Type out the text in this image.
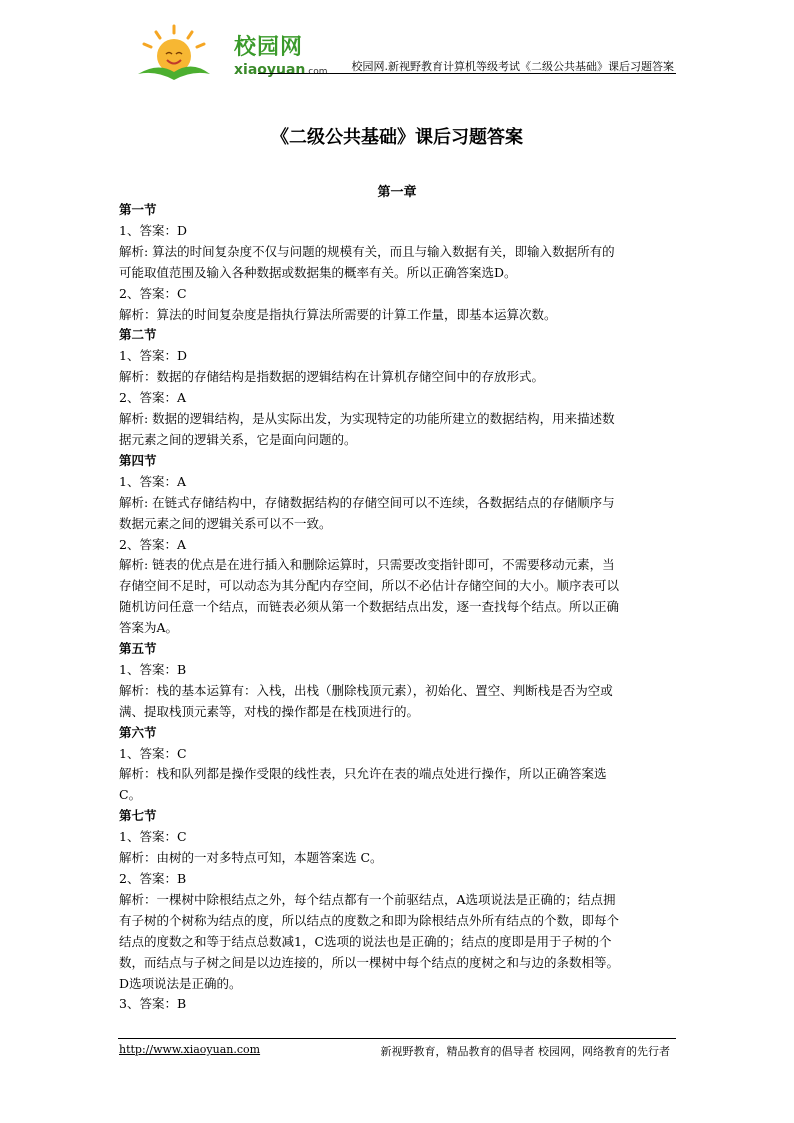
校园网
xiaoyuan.com 校园网.新视野教育计算机等级考试《二级公共基础》课后习题答案
《二级公共基础》课后习题答案
第一章

第一节

1、答案：D

解析: 算法的时间复杂度不仅与问题的规模有关，而且与输入数据有关，即输入数据所有的

可能取值范围及输入各种数据或数据集的概率有关。所以正确答案选D。

2、答案：C

解析：算法的时间复杂度是指执行算法所需要的计算工作量，即基本运算次数。

第二节

1、答案：D

解析：数据的存储结构是指数据的逻辑结构在计算机存储空间中的存放形式。

2、答案：A

解析: 数据的逻辑结构，是从实际出发，为实现特定的功能所建立的数据结构，用来描述数

据元素之间的逻辑关系，它是面向问题的。

第四节

1、答案：A

解析: 在链式存储结构中，存储数据结构的存储空间可以不连续，各数据结点的存储顺序与

数据元素之间的逻辑关系可以不一致。

2、答案：A

解析: 链表的优点是在进行插入和删除运算时，只需要改变指针即可，不需要移动元素，当

存储空间不足时，可以动态为其分配内存空间，所以不必估计存储空间的大小。顺序表可以

随机访问任意一个结点，而链表必须从第一个数据结点出发，逐一查找每个结点。所以正确

答案为A。

第五节

1、答案：B

解析：栈的基本运算有：入栈，出栈（删除栈顶元素），初始化、置空、判断栈是否为空或

满、提取栈顶元素等，对栈的操作都是在栈顶进行的。

第六节

1、答案：C

解析：栈和队列都是操作受限的线性表，只允许在表的端点处进行操作，所以正确答案选

C。

第七节

1、答案：C

解析：由树的一对多特点可知，本题答案选 C。

2、答案：B

解析：一棵树中除根结点之外，每个结点都有一个前驱结点，A选项说法是正确的；结点拥

有子树的个树称为结点的度，所以结点的度数之和即为除根结点外所有结点的个数，即每个

结点的度数之和等于结点总数减1，C选项的说法也是正确的；结点的度即是用于子树的个

数，而结点与子树之间是以边连接的，所以一棵树中每个结点的度树之和与边的条数相等。

D选项说法是正确的。

3、答案：B

http://www.xiaoyuan.com	新视野教育，精品教育的倡导者 校园网，网络教育的先行者
